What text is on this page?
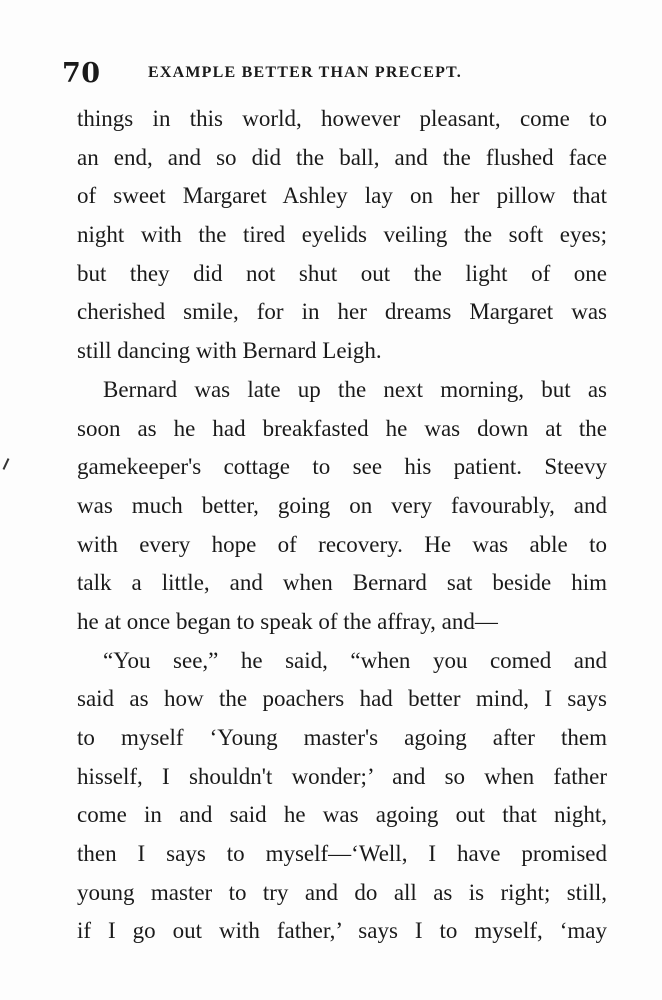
70	EXAMPLE BETTER THAN PRECEPT.
things in this world, however pleasant, come to
an end, and so did the ball, and the flushed face
of sweet Margaret Ashley lay on her pillow that
night with the tired eyelids veiling the soft eyes;
but they did not shut out the light of one
cherished smile, for in her dreams Margaret was
still dancing with Bernard Leigh.
Bernard was late up the next morning, but as
soon as he had breakfasted he was down at the
gamekeeper's cottage to see his patient. Steevy
was much better, going on very favourably, and
with every hope of recovery. He was able to
talk a little, and when Bernard sat beside him
he at once began to speak of the affray, and—
“You see,” he said, “when you comed and
said as how the poachers had better mind, I says
to myself ‘Young master's agoing after them
hisself, I shouldn't wonder;’ and so when father
come in and said he was agoing out that night,
then I says to myself—‘Well, I have promised
young master to try and do all as is right; still,
if I go out with father,’ says I to myself, ‘may
